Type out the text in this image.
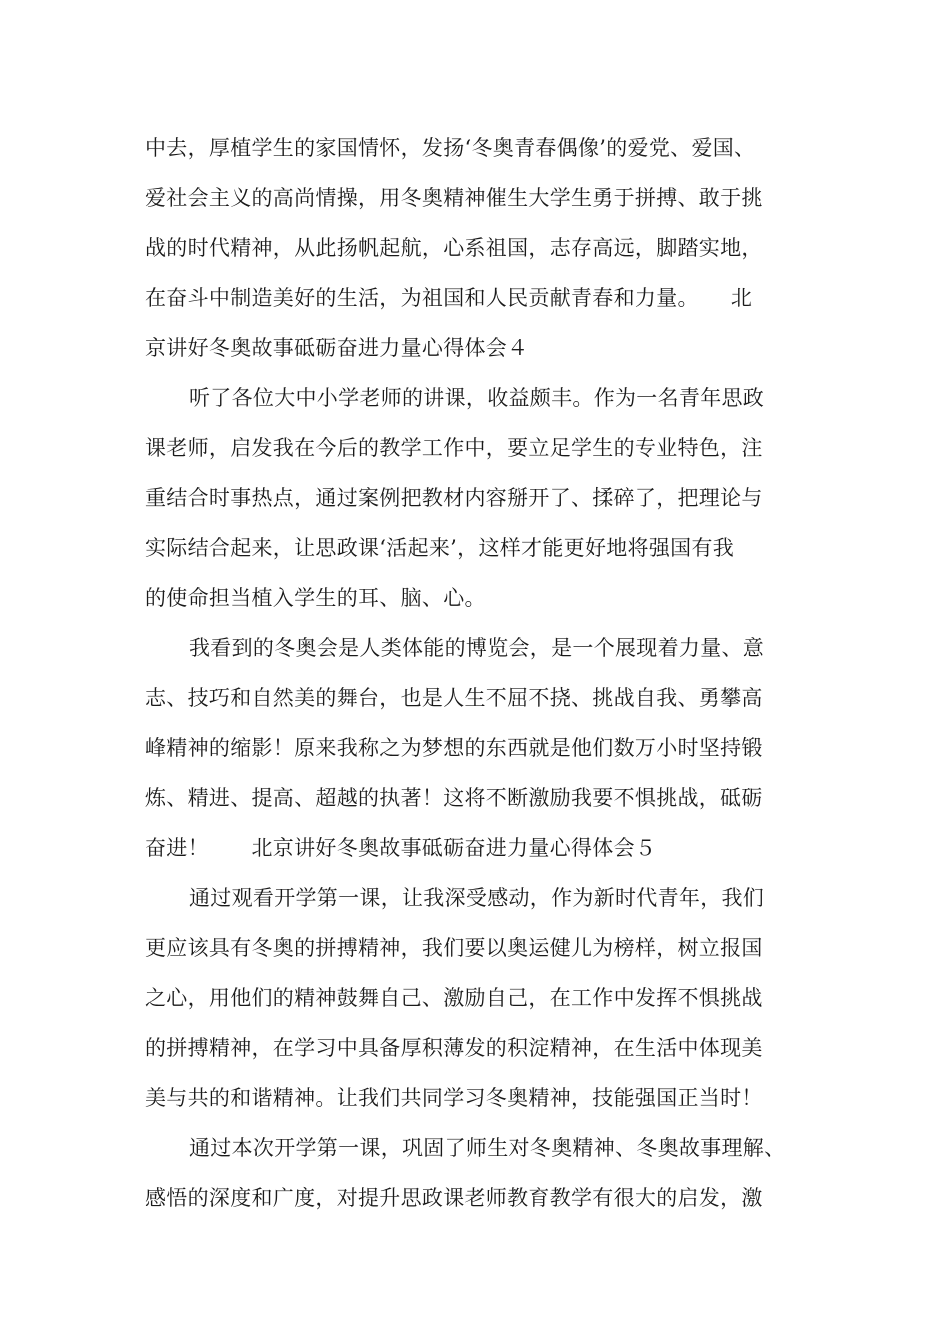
中去，厚植学生的家国情怀，发扬‘冬奥青春偶像’的爱党、爱国、
爱社会主义的高尚情操，用冬奥精神催生大学生勇于拼搏、敢于挑
战的时代精神，从此扬帆起航，心系祖国，志存高远，脚踏实地，
在奋斗中制造美好的生活，为祖国和人民贡献青春和力量。　　北
京讲好冬奥故事砥砺奋进力量心得体会４
听了各位大中小学老师的讲课，收益颇丰。作为一名青年思政
课老师，启发我在今后的教学工作中，要立足学生的专业特色，注
重结合时事热点，通过案例把教材内容掰开了、揉碎了，把理论与
实际结合起来，让思政课‘活起来’，这样才能更好地将强国有我
的使命担当植入学生的耳、脑、心。
我看到的冬奥会是人类体能的博览会，是一个展现着力量、意
志、技巧和自然美的舞台，也是人生不屈不挠、挑战自我、勇攀高
峰精神的缩影！原来我称之为梦想的东西就是他们数万小时坚持锻
炼、精进、提高、超越的执著！这将不断激励我要不惧挑战，砥砺
奋进！　　北京讲好冬奥故事砥砺奋进力量心得体会５
通过观看开学第一课，让我深受感动，作为新时代青年，我们
更应该具有冬奥的拼搏精神，我们要以奥运健儿为榜样，树立报国
之心，用他们的精神鼓舞自己、激励自己，在工作中发挥不惧挑战
的拼搏精神，在学习中具备厚积薄发的积淀精神，在生活中体现美
美与共的和谐精神。让我们共同学习冬奥精神，技能强国正当时！
通过本次开学第一课，巩固了师生对冬奥精神、冬奥故事理解、
感悟的深度和广度，对提升思政课老师教育教学有很大的启发，激
